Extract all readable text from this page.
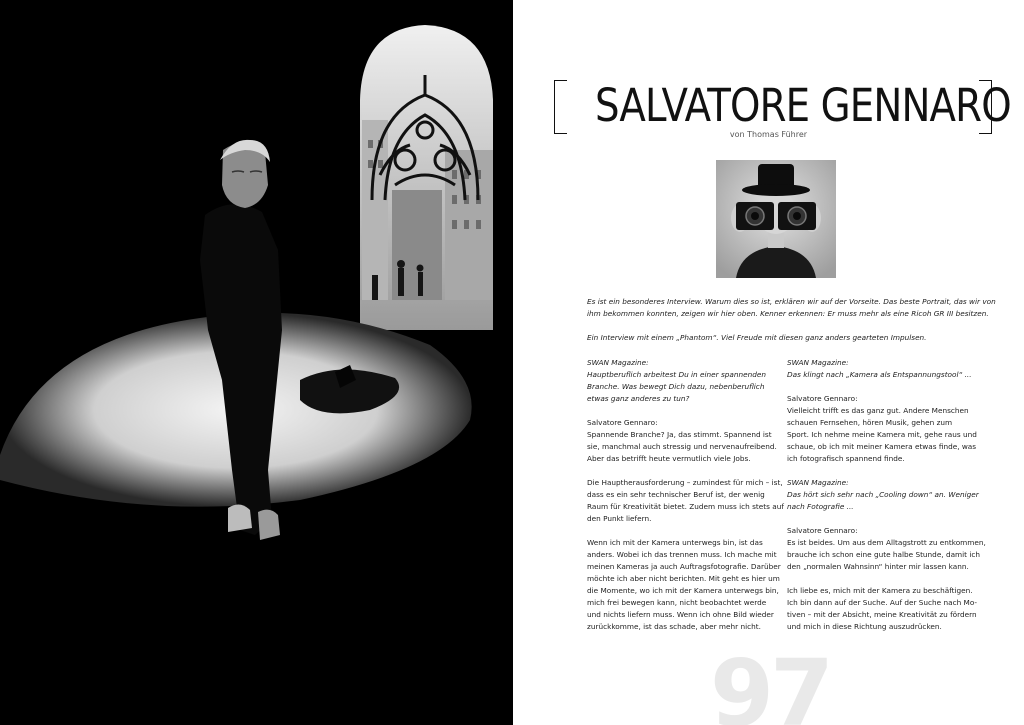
SALVATORE GENNARO
von Thomas Führer

Es ist ein besonderes Interview. Warum dies so ist, erklären wir auf der Vorseite. Das beste Portrait, das wir von
ihm bekommen konnten, zeigen wir hier oben. Kenner erkennen: Er muss mehr als eine Ricoh GR III besitzen.

Ein Interview mit einem „Phantom“. Viel Freude mit diesen ganz anders gearteten Impulsen.

SWAN Magazine:
Hauptberuflich arbeitest Du in einer spannenden
Branche. Was bewegt Dich dazu, nebenberuflich
etwas ganz anderes zu tun?
Salvatore Gennaro:
Spannende Branche? Ja, das stimmt. Spannend ist
sie, manchmal auch stressig und nervenaufreibend.
Aber das betrifft heute vermutlich viele Jobs.
Die Hauptherausforderung – zumindest für mich – ist,
dass es ein sehr technischer Beruf ist, der wenig
Raum für Kreativität bietet. Zudem muss ich stets auf
den Punkt liefern.
Wenn ich mit der Kamera unterwegs bin, ist das
anders. Wobei ich das trennen muss. Ich mache mit
meinen Kameras ja auch Auftragsfotografie. Darüber
möchte ich aber nicht berichten. Mit geht es hier um
die Momente, wo ich mit der Kamera unterwegs bin,
mich frei bewegen kann, nicht beobachtet werde
und nichts liefern muss. Wenn ich ohne Bild wieder
zurückkomme, ist das schade, aber mehr nicht.
SWAN Magazine:
Das klingt nach „Kamera als Entspannungstool“ ...
Salvatore Gennaro:
Vielleicht trifft es das ganz gut. Andere Menschen
schauen Fernsehen, hören Musik, gehen zum
Sport. Ich nehme meine Kamera mit, gehe raus und
schaue, ob ich mit meiner Kamera etwas finde, was
ich fotografisch spannend finde.
SWAN Magazine:
Das hört sich sehr nach „Cooling down“ an. Weniger
nach Fotografie ...
Salvatore Gennaro:
Es ist beides. Um aus dem Alltagstrott zu entkommen,
brauche ich schon eine gute halbe Stunde, damit ich
den „normalen Wahnsinn“ hinter mir lassen kann.
Ich liebe es, mich mit der Kamera zu beschäftigen.
Ich bin dann auf der Suche. Auf der Suche nach Mo-
tiven – mit der Absicht, meine Kreativität zu fördern
und mich in diese Richtung auszudrücken.
97
